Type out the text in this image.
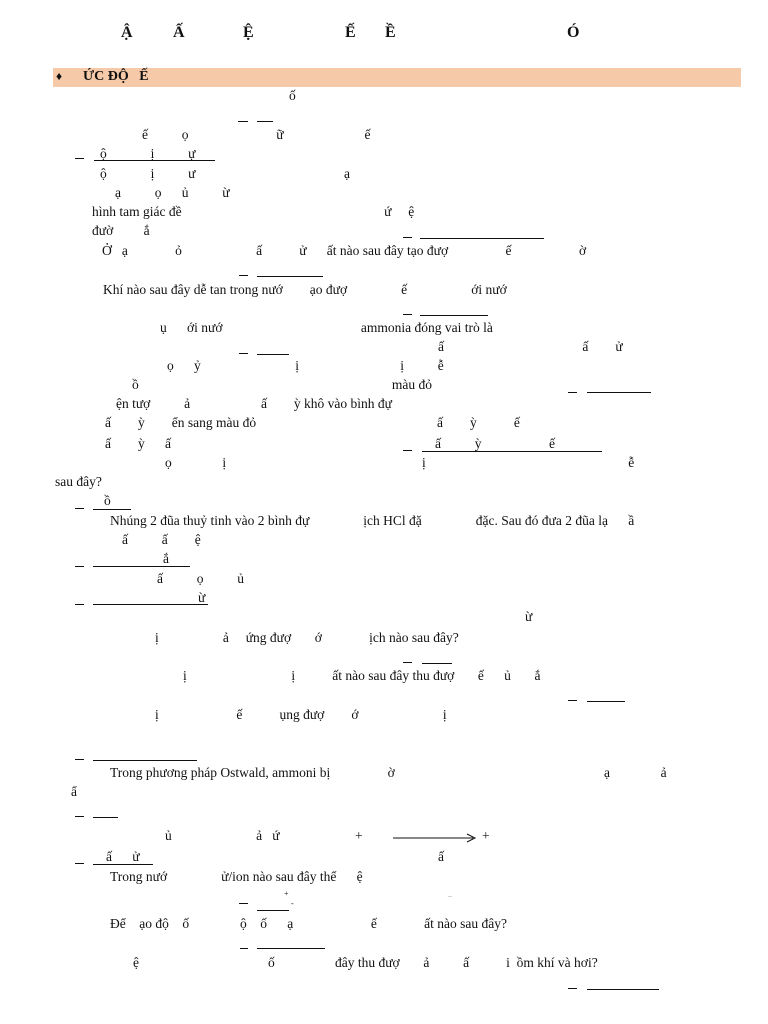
Ậ	Ấ	Ệ	Ế Ề	Ó
♦ ỨC ĐỘ   Ế
ố
ế          ọ                          ữ                        ế
ộ             ị          ự
ộ             ị          ư                                            ạ
ạ          ọ      ủ          ừ
hình tam giác đề                                                            ứ     ệ
đườ         ắ
Ở   ạ              ỏ                      ấ           ử      ất nào sau đây tạo đượ                 ế                    ờ
Khí nào sau đây dễ tan trong nướ        ạo đượ                ế                   ới nướ
ụ      ới nướ                                         ammonia đóng vai trò là
ấ                                         ấ        ử
ọ      ỷ                            ị                              ị          ễ
ồ                                                                           màu đỏ
ện tượ          ả                     ấ        ỳ khô vào bình đự
ấ        ỳ        ển sang màu đỏ	ấ        ỳ           ế
ấ        ỳ      ấ	ấ          ỳ                    ế
ọ               ị	ị                                                            ễ
sau đây?
ồ
Nhúng 2 đũa thuỷ tinh vào 2 bình đự                ịch HCl đặ                đặc. Sau đó đưa 2 đũa lạ      ầ
ấ          ấ        ệ
ắ
ấ          ọ          ủ
ừ
ừ
ị                   ả     ứng đượ       ớ              ịch nào sau đây?
ị                               ị           ất nào sau đây thu đượ       ế      ủ       ắ
ị                       ế           ụng đượ        ớ                         ị
Trong phương pháp Ostwald, ammoni bị                 ờ                                                              ạ               ả
ẩ
ủ                         ả   ứ	+	+
ấ      ử	ấ
Trong nướ                ử/ion nào sau đây thể      ệ
+	_
-
Để    ạo độ    ố	ộ    ố      ạ                       ế              ất nào sau đây?
ệ	ố	đây thu đượ       ả          ấ           i  ồm khí và hơi?
